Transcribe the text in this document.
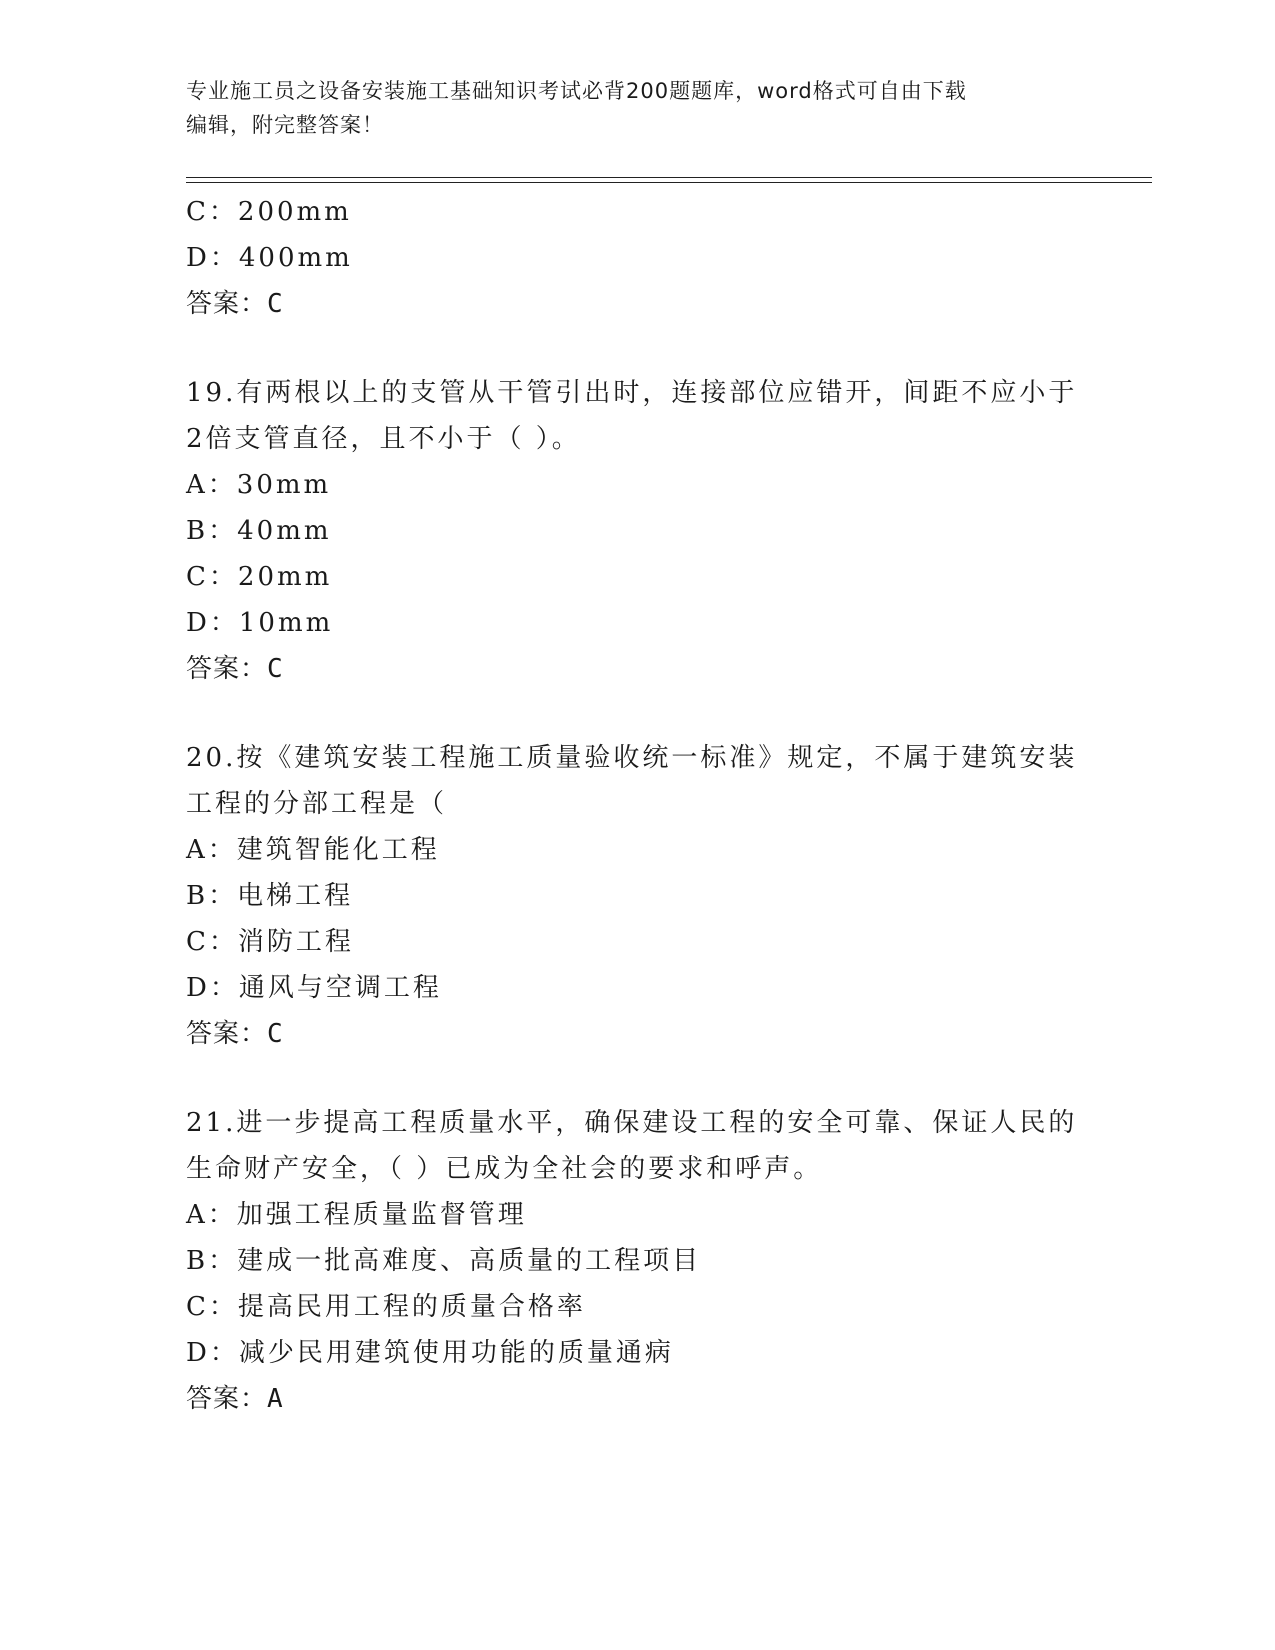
专业施工员之设备安装施工基础知识考试必背200题题库，word格式可自由下载
编辑，附完整答案！
C：200mm
D：400mm
答案：C
19.有两根以上的支管从干管引出时，连接部位应错开，间距不应小于
2倍支管直径，且不小于（ ）。
A：30mm
B：40mm
C：20mm
D：10mm
答案：C
20.按《建筑安装工程施工质量验收统一标准》规定，不属于建筑安装
工程的分部工程是（
A：建筑智能化工程
B：电梯工程
C：消防工程
D：通风与空调工程
答案：C
21.进一步提高工程质量水平，确保建设工程的安全可靠、保证人民的
生命财产安全，（ ）已成为全社会的要求和呼声。
A：加强工程质量监督管理
B：建成一批高难度、高质量的工程项目
C：提高民用工程的质量合格率
D：减少民用建筑使用功能的质量通病
答案：A
